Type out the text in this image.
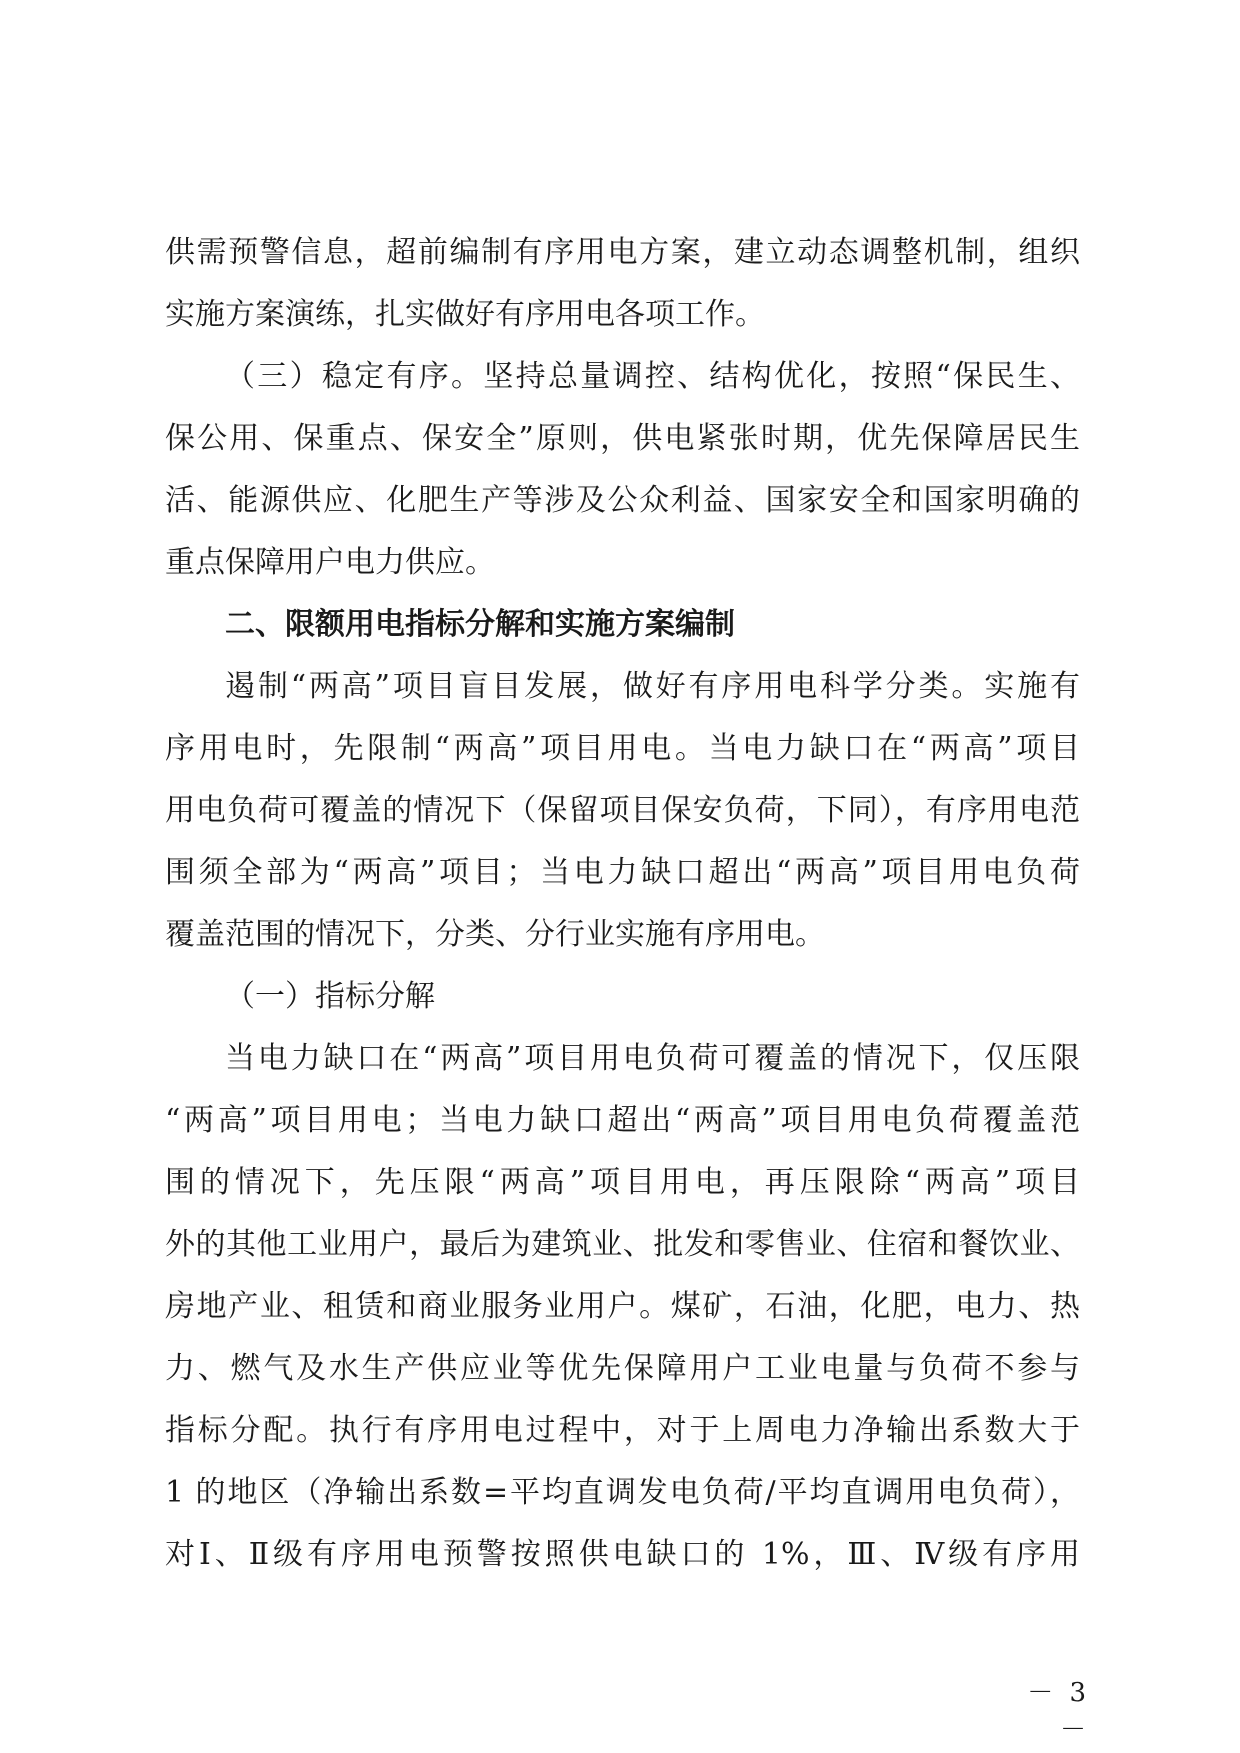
供需预警信息，超前编制有序用电方案，建立动态调整机制，组织
实施方案演练，扎实做好有序用电各项工作。
（三）稳定有序。坚持总量调控、结构优化，按照“保民生、
保公用、保重点、保安全”原则，供电紧张时期，优先保障居民生
活、能源供应、化肥生产等涉及公众利益、国家安全和国家明确的
重点保障用户电力供应。
二、限额用电指标分解和实施方案编制
遏制“两高”项目盲目发展，做好有序用电科学分类。实施有
序用电时，先限制“两高”项目用电。当电力缺口在“两高”项目
用电负荷可覆盖的情况下（保留项目保安负荷，下同），有序用电范
围须全部为“两高”项目；当电力缺口超出“两高”项目用电负荷
覆盖范围的情况下，分类、分行业实施有序用电。
（一）指标分解
当电力缺口在“两高”项目用电负荷可覆盖的情况下，仅压限
“两高”项目用电；当电力缺口超出“两高”项目用电负荷覆盖范
围的情况下，先压限“两高”项目用电，再压限除“两高”项目
外的其他工业用户，最后为建筑业、批发和零售业、住宿和餐饮业、
房地产业、租赁和商业服务业用户。煤矿，石油，化肥，电力、热
力、燃气及水生产供应业等优先保障用户工业电量与负荷不参与
指标分配。执行有序用电过程中，对于上周电力净输出系数大于
1 的地区（净输出系数=平均直调发电负荷/平均直调用电负荷），
对Ⅰ、Ⅱ级有序用电预警按照供电缺口的 1%，Ⅲ、Ⅳ级有序用
－ 3 －
